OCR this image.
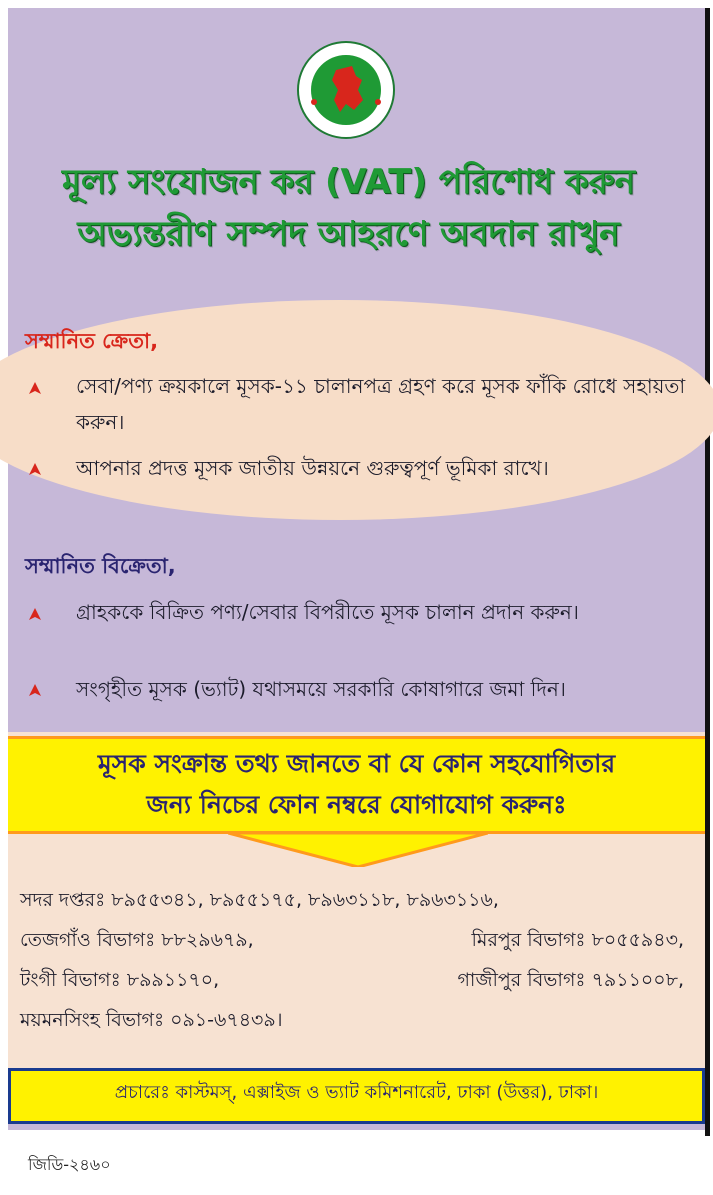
মূল্য সংযোজন কর (VAT) পরিশোধ করুন
অভ্যন্তরীণ সম্পদ আহরণে অবদান রাখুন
সম্মানিত ক্রেতা,
সেবা/পণ্য ক্রয়কালে মূসক-১১ চালানপত্র গ্রহণ করে মূসক ফাঁকি রোধে সহায়তা করুন।
আপনার প্রদত্ত মূসক জাতীয় উন্নয়নে গুরুত্বপূর্ণ ভূমিকা রাখে।
সম্মানিত বিক্রেতা,
গ্রাহককে বিক্রিত পণ্য/সেবার বিপরীতে মূসক চালান প্রদান করুন।
সংগৃহীত মূসক (ভ্যাট) যথাসময়ে সরকারি কোষাগারে জমা দিন।
মূসক সংক্রান্ত তথ্য জানতে বা যে কোন সহযোগিতার
জন্য নিচের ফোন নম্বরে যোগাযোগ করুনঃ
সদর দপ্তরঃ ৮৯৫৫৩৪১, ৮৯৫৫১৭৫, ৮৯৬৩১১৮, ৮৯৬৩১১৬,
তেজগাঁও বিভাগঃ ৮৮২৯৬৭৯,	মিরপুর বিভাগঃ ৮০৫৫৯৪৩,
টংগী বিভাগঃ ৮৯৯১১৭০,	গাজীপুর বিভাগঃ ৭৯১১০০৮,
ময়মনসিংহ বিভাগঃ ০৯১-৬৭৪৩৯।
প্রচারেঃ কাস্টমস্, এক্সাইজ ও ভ্যাট কমিশনারেট, ঢাকা (উত্তর), ঢাকা।
জিডি-২৪৬০
